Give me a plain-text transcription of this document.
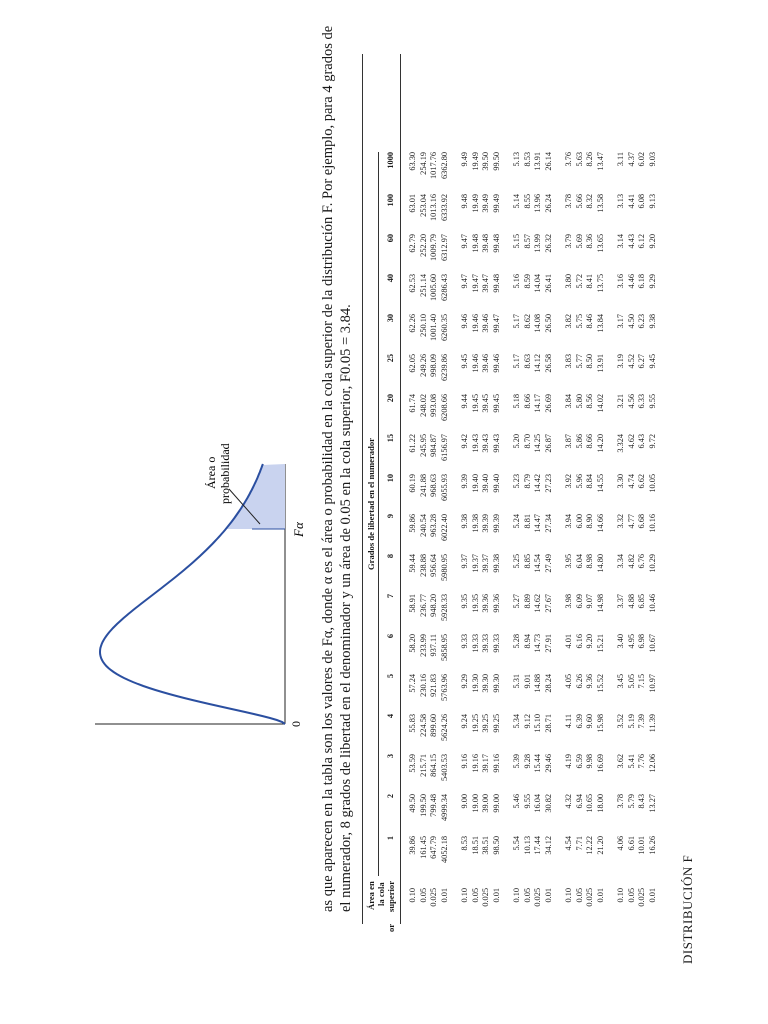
DISTRIBUCIÓN F
0
Fα
Área o probabilidad	as que aparecen en la tabla son los valores de Fα, donde α es el área o probabilidad en la cola superior de la distribución F. Por ejemplo, para 4 grados de el numerador, 8 grados de libertad en el denominador y un área de 0.05 en la cola superior, F0.05 = 3.84. Área en la cola superior
or
Grados de libertad en el numerador
1
2
3
4
5
6
7
8
9
10
15
20
25
30
40
60
100
1000
0.10
39.86
49.50
53.59
55.83
57.24
58.20
58.91
59.44
59.86
60.19
61.22
61.74
62.05
62.26
62.53
62.79
63.01
63.30
0.05
161.45
199.50
215.71
224.58
230.16
233.99
236.77
238.88
240.54
241.88
245.95
248.02
249.26
250.10
251.14
252.20
253.04
254.19
0.025
647.79
799.48
864.15
899.60
921.83
937.11
948.20
956.64
963.28
968.63
984.87
993.08
998.09
1001.40
1005.60
1009.79
1013.16
1017.76
0.01
4052.18
4999.34
5403.53
5624.26
5763.96
5858.95
5928.33
5980.95
6022.40
6055.93
6156.97
6208.66
6239.86
6260.35
6286.43
6312.97
6333.92
6362.80
0.10
8.53
9.00
9.16
9.24
9.29
9.33
9.35
9.37
9.38
9.39
9.42
9.44
9.45
9.46
9.47
9.47
9.48
9.49
0.05
18.51
19.00
19.16
19.25
19.30
19.33
19.35
19.37
19.38
19.40
19.43
19.45
19.46
19.46
19.47
19.48
19.49
19.49
0.025
38.51
39.00
39.17
39.25
39.30
39.33
39.36
39.37
39.39
39.40
39.43
39.45
39.46
39.46
39.47
39.48
39.49
39.50
0.01
98.50
99.00
99.16
99.25
99.30
99.33
99.36
99.38
99.39
99.40
99.43
99.45
99.46
99.47
99.48
99.48
99.49
99.50
0.10
5.54
5.46
5.39
5.34
5.31
5.28
5.27
5.25
5.24
5.23
5.20
5.18
5.17
5.17
5.16
5.15
5.14
5.13
0.05
10.13
9.55
9.28
9.12
9.01
8.94
8.89
8.85
8.81
8.79
8.70
8.66
8.63
8.62
8.59
8.57
8.55
8.53
0.025
17.44
16.04
15.44
15.10
14.88
14.73
14.62
14.54
14.47
14.42
14.25
14.17
14.12
14.08
14.04
13.99
13.96
13.91
0.01
34.12
30.82
29.46
28.71
28.24
27.91
27.67
27.49
27.34
27.23
26.87
26.69
26.58
26.50
26.41
26.32
26.24
26.14
0.10
4.54
4.32
4.19
4.11
4.05
4.01
3.98
3.95
3.94
3.92
3.87
3.84
3.83
3.82
3.80
3.79
3.78
3.76
0.05
7.71
6.94
6.59
6.39
6.26
6.16
6.09
6.04
6.00
5.96
5.86
5.80
5.77
5.75
5.72
5.69
5.66
5.63
0.025
12.22
10.65
9.98
9.60
9.36
9.20
9.07
8.98
8.90
8.84
8.66
8.56
8.50
8.46
8.41
8.36
8.32
8.26
0.01
21.20
18.00
16.69
15.98
15.52
15.21
14.98
14.80
14.66
14.55
14.20
14.02
13.91
13.84
13.75
13.65
13.58
13.47
0.10
4.06
3.78
3.62
3.52
3.45
3.40
3.37
3.34
3.32
3.30
3.324
3.21
3.19
3.17
3.16
3.14
3.13
3.11
0.05
6.61
5.79
5.41
5.19
5.05
4.95
4.88
4.82
4.77
4.74
4.62
4.56
4.52
4.50
4.46
4.43
4.41
4.37
0.025
10.01
8.43
7.76
7.39
7.15
6.98
6.85
6.76
6.68
6.62
6.43
6.33
6.27
6.23
6.18
6.12
6.08
6.02
0.01
16.26
13.27
12.06
11.39
10.97
10.67
10.46
10.29
10.16
10.05
9.72
9.55
9.45
9.38
9.29
9.20
9.13
9.03
